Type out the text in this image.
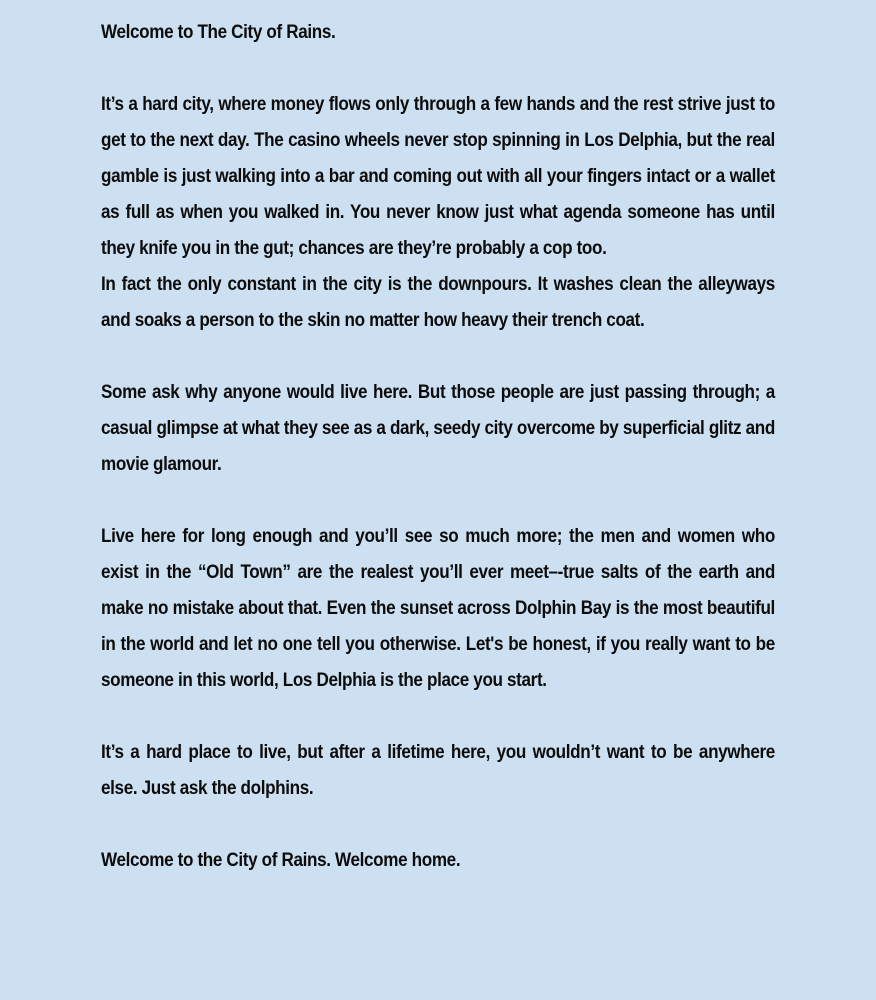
Welcome to The City of Rains.

It’s a hard city, where money flows only through a few hands and the rest strive just to get to the next day. The casino wheels never stop spinning in Los Delphia, but the real gamble is just walking into a bar and coming out with all your fingers intact or a wallet as full as when you walked in. You never know just what agenda someone has until they knife you in the gut; chances are they’re probably a cop too.

In fact the only constant in the city is the downpours. It washes clean the alleyways and soaks a person to the skin no matter how heavy their trench coat.

Some ask why anyone would live here. But those people are just passing through; a casual glimpse at what they see as a dark, seedy city overcome by superficial glitz and movie glamour.

Live here for long enough and you’ll see so much more; the men and women who exist in the “Old Town” are the realest you’ll ever meet–-true salts of the earth and make no mistake about that. Even the sunset across Dolphin Bay is the most beautiful in the world and let no one tell you otherwise. Let's be honest, if you really want to be someone in this world, Los Delphia is the place you start.

It’s a hard place to live, but after a lifetime here, you wouldn’t want to be anywhere else. Just ask the dolphins.

Welcome to the City of Rains. Welcome home.
